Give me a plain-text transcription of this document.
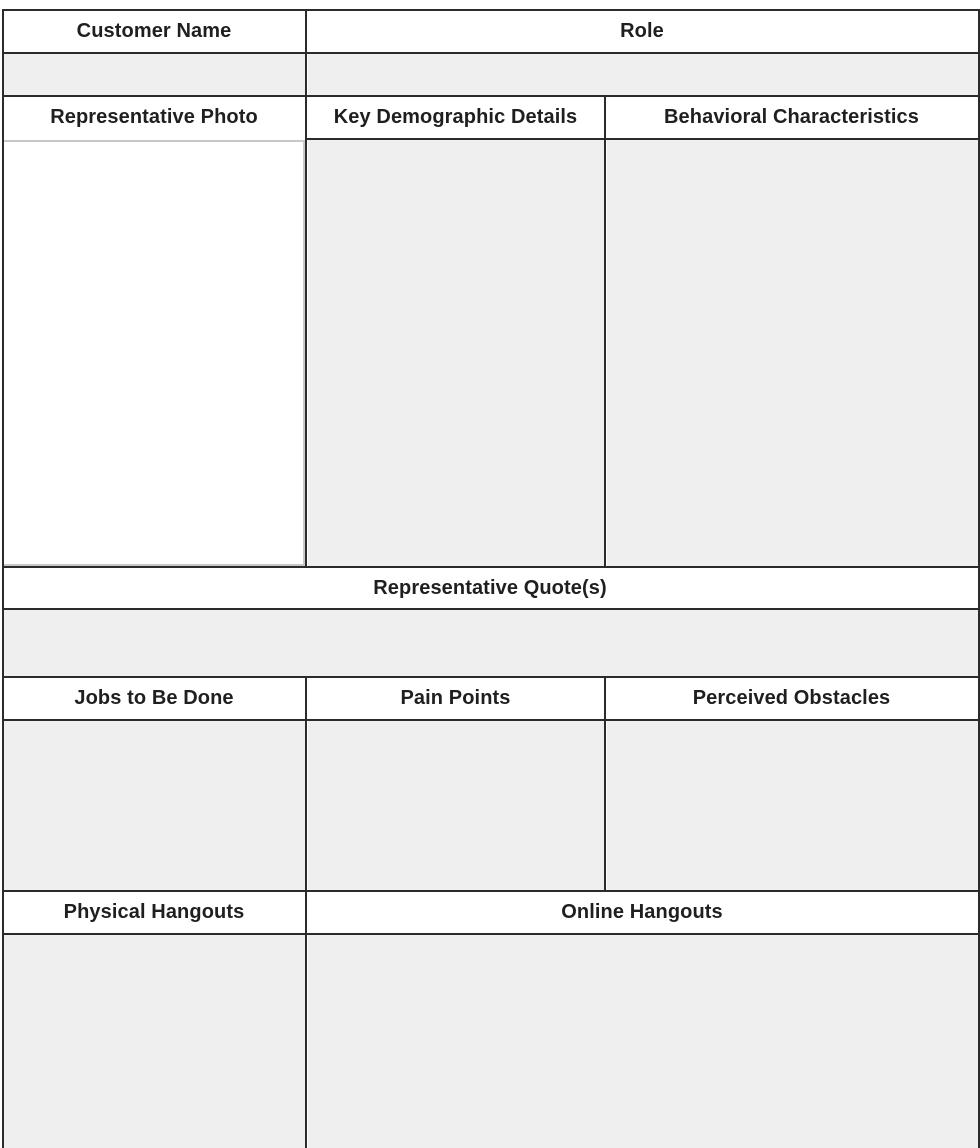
Customer Name	Role
Representative Photo	Key Demographic Details	Behavioral Characteristics
Representative Quote(s)
Jobs to Be Done	Pain Points	Perceived Obstacles
Physical Hangouts	Online Hangouts
